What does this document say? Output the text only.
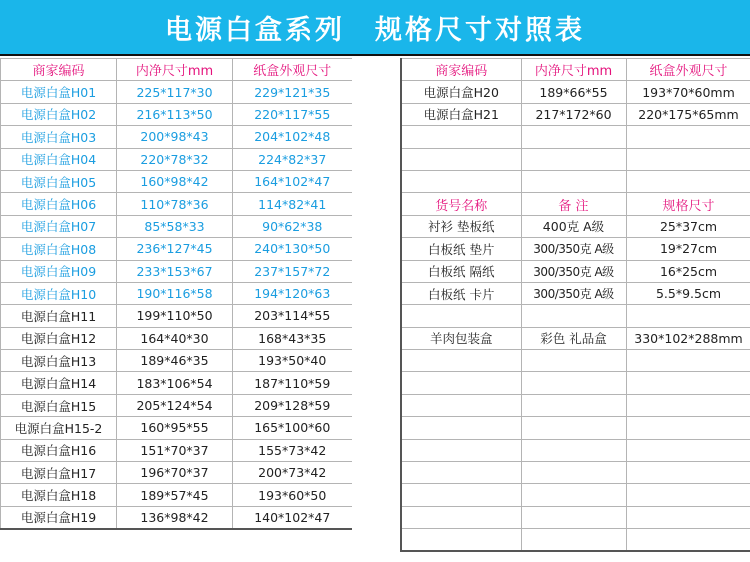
电源白盒系列　规格尺寸对照表
商家编码	内净尺寸mm	纸盒外观尺寸
电源白盒H01	225*117*30	229*121*35
电源白盒H02	216*113*50	220*117*55
电源白盒H03	200*98*43	204*102*48
电源白盒H04	220*78*32	224*82*37
电源白盒H05	160*98*42	164*102*47
电源白盒H06	110*78*36	114*82*41
电源白盒H07	85*58*33	90*62*38
电源白盒H08	236*127*45	240*130*50
电源白盒H09	233*153*67	237*157*72
电源白盒H10	190*116*58	194*120*63
电源白盒H11	199*110*50	203*114*55
电源白盒H12	164*40*30	168*43*35
电源白盒H13	189*46*35	193*50*40
电源白盒H14	183*106*54	187*110*59
电源白盒H15	205*124*54	209*128*59
电源白盒H15-2	160*95*55	165*100*60
电源白盒H16	151*70*37	155*73*42
电源白盒H17	196*70*37	200*73*42
电源白盒H18	189*57*45	193*60*50
电源白盒H19	136*98*42	140*102*47
商家编码	内净尺寸mm	纸盒外观尺寸
电源白盒H20	189*66*55	193*70*60mm
电源白盒H21	217*172*60	220*175*65mm

货号名称	备 注	规格尺寸
衬衫 垫板纸	400克 A级	25*37cm
白板纸 垫片	300/350克 A级	19*27cm
白板纸 隔纸	300/350克 A级	16*25cm
白板纸 卡片	300/350克 A级	5.5*9.5cm

羊肉包装盒	彩色 礼品盒	330*102*288mm
